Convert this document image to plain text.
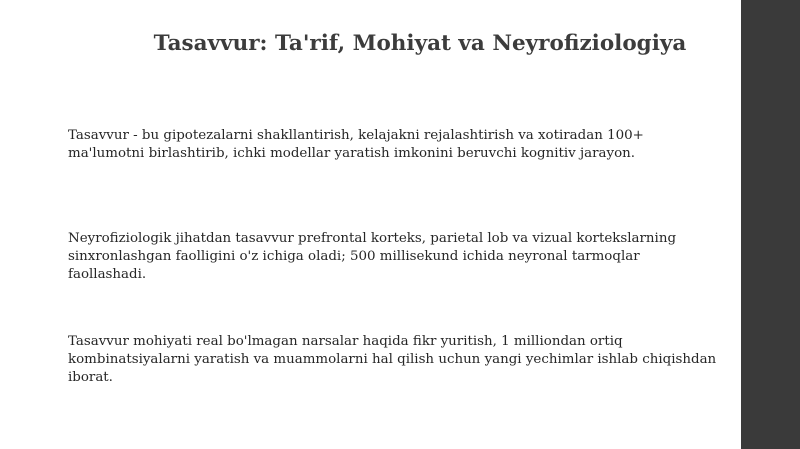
Tasavvur: Ta'rif, Mohiyat va Neyrofiziologiya
Tasavvur - bu gipotezalarni shakllantirish, kelajakni rejalashtirish va xotiradan 100+
ma'lumotni birlashtirib, ichki modellar yaratish imkonini beruvchi kognitiv jarayon.
Neyrofiziologik jihatdan tasavvur prefrontal korteks, parietal lob va vizual kortekslarning
sinxronlashgan faolligini o'z ichiga oladi; 500 millisekund ichida neyronal tarmoqlar
faollashadi.
Tasavvur mohiyati real bo'lmagan narsalar haqida fikr yuritish, 1 milliondan ortiq
kombinatsiyalarni yaratish va muammolarni hal qilish uchun yangi yechimlar ishlab chiqishdan
iborat.
